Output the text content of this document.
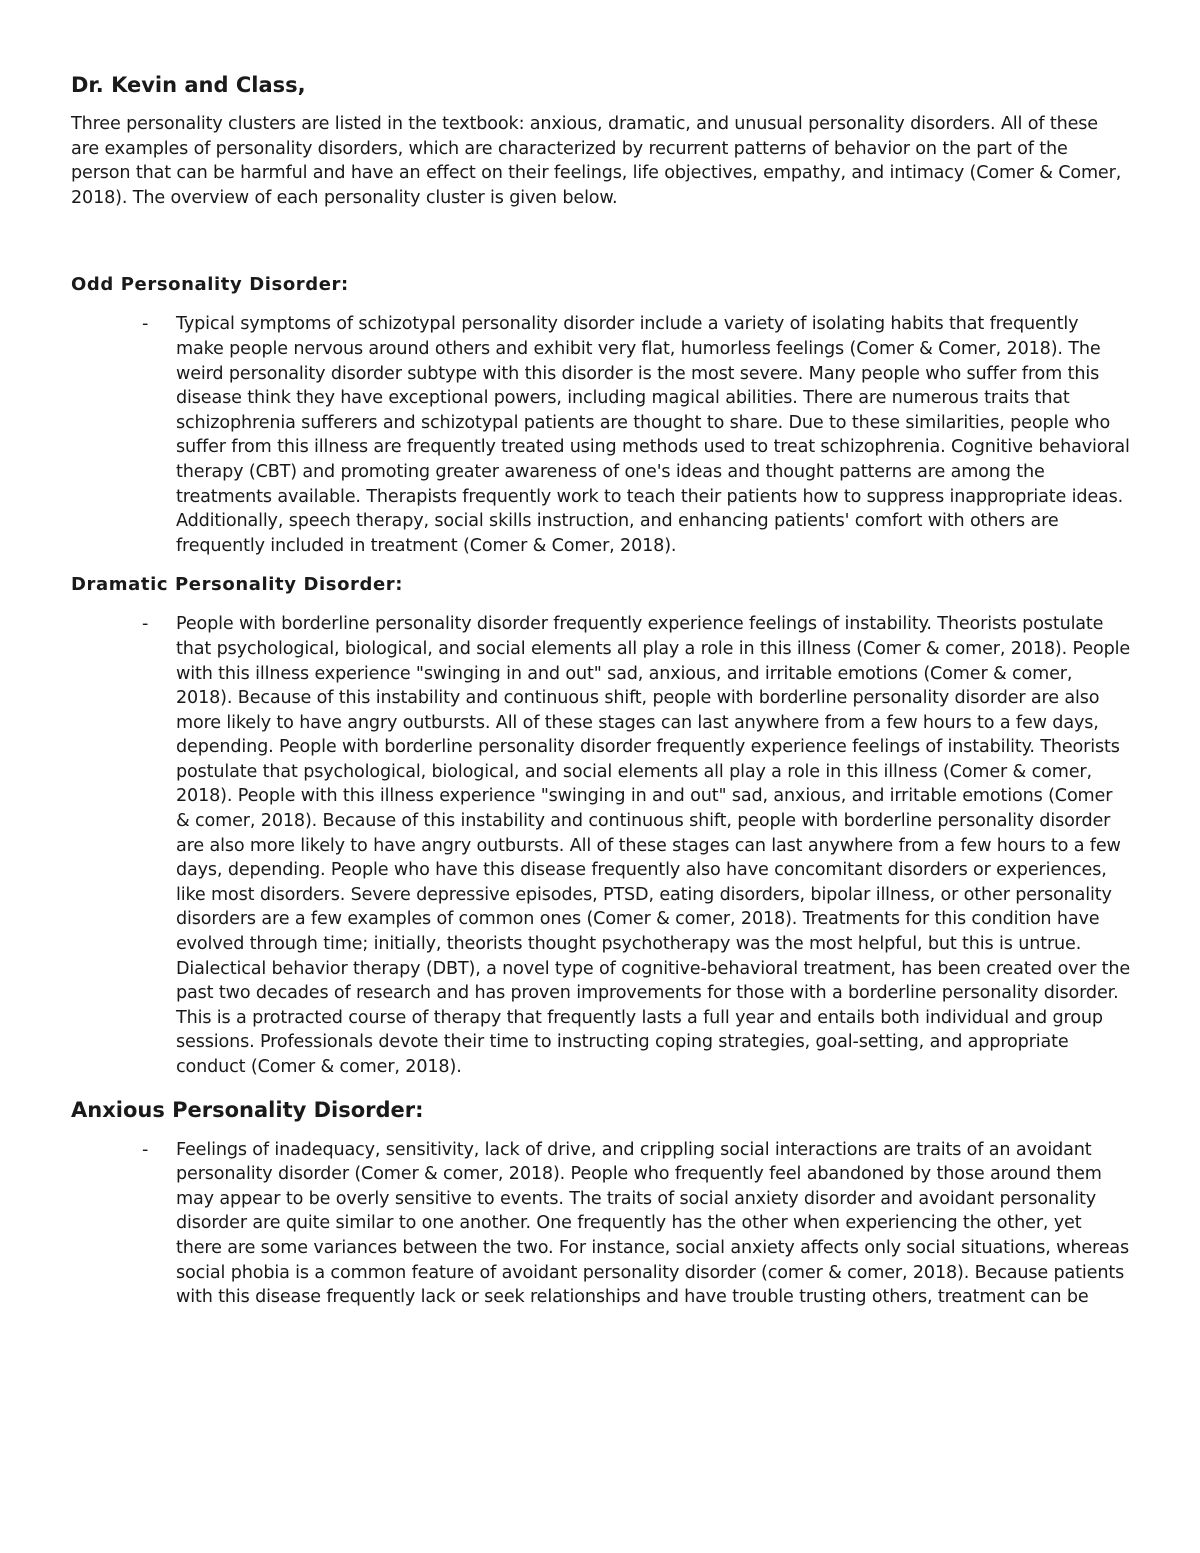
Dr. Kevin and Class,

Three personality clusters are listed in the textbook: anxious, dramatic, and unusual personality disorders. All of these are examples of personality disorders, which are characterized by recurrent patterns of behavior on the part of the person that can be harmful and have an effect on their feelings, life objectives, empathy, and intimacy (Comer & Comer, 2018). The overview of each personality cluster is given below.

Odd Personality Disorder:
- Typical symptoms of schizotypal personality disorder include a variety of isolating habits that frequently make people nervous around others and exhibit very flat, humorless feelings (Comer & Comer, 2018). The weird personality disorder subtype with this disorder is the most severe. Many people who suffer from this disease think they have exceptional powers, including magical abilities. There are numerous traits that schizophrenia sufferers and schizotypal patients are thought to share. Due to these similarities, people who suffer from this illness are frequently treated using methods used to treat schizophrenia. Cognitive behavioral therapy (CBT) and promoting greater awareness of one's ideas and thought patterns are among the treatments available. Therapists frequently work to teach their patients how to suppress inappropriate ideas. Additionally, speech therapy, social skills instruction, and enhancing patients' comfort with others are frequently included in treatment (Comer & Comer, 2018).

Dramatic Personality Disorder:
- People with borderline personality disorder frequently experience feelings of instability. Theorists postulate that psychological, biological, and social elements all play a role in this illness (Comer & comer, 2018). People with this illness experience "swinging in and out" sad, anxious, and irritable emotions (Comer & comer, 2018). Because of this instability and continuous shift, people with borderline personality disorder are also more likely to have angry outbursts. All of these stages can last anywhere from a few hours to a few days, depending. People with borderline personality disorder frequently experience feelings of instability. Theorists postulate that psychological, biological, and social elements all play a role in this illness (Comer & comer, 2018). People with this illness experience "swinging in and out" sad, anxious, and irritable emotions (Comer & comer, 2018). Because of this instability and continuous shift, people with borderline personality disorder are also more likely to have angry outbursts. All of these stages can last anywhere from a few hours to a few days, depending. People who have this disease frequently also have concomitant disorders or experiences, like most disorders. Severe depressive episodes, PTSD, eating disorders, bipolar illness, or other personality disorders are a few examples of common ones (Comer & comer, 2018). Treatments for this condition have evolved through time; initially, theorists thought psychotherapy was the most helpful, but this is untrue. Dialectical behavior therapy (DBT), a novel type of cognitive-behavioral treatment, has been created over the past two decades of research and has proven improvements for those with a borderline personality disorder. This is a protracted course of therapy that frequently lasts a full year and entails both individual and group sessions. Professionals devote their time to instructing coping strategies, goal-setting, and appropriate conduct (Comer & comer, 2018).

Anxious Personality Disorder:
- Feelings of inadequacy, sensitivity, lack of drive, and crippling social interactions are traits of an avoidant personality disorder (Comer & comer, 2018). People who frequently feel abandoned by those around them may appear to be overly sensitive to events. The traits of social anxiety disorder and avoidant personality disorder are quite similar to one another. One frequently has the other when experiencing the other, yet there are some variances between the two. For instance, social anxiety affects only social situations, whereas social phobia is a common feature of avoidant personality disorder (comer & comer, 2018). Because patients with this disease frequently lack or seek relationships and have trouble trusting others, treatment can be
